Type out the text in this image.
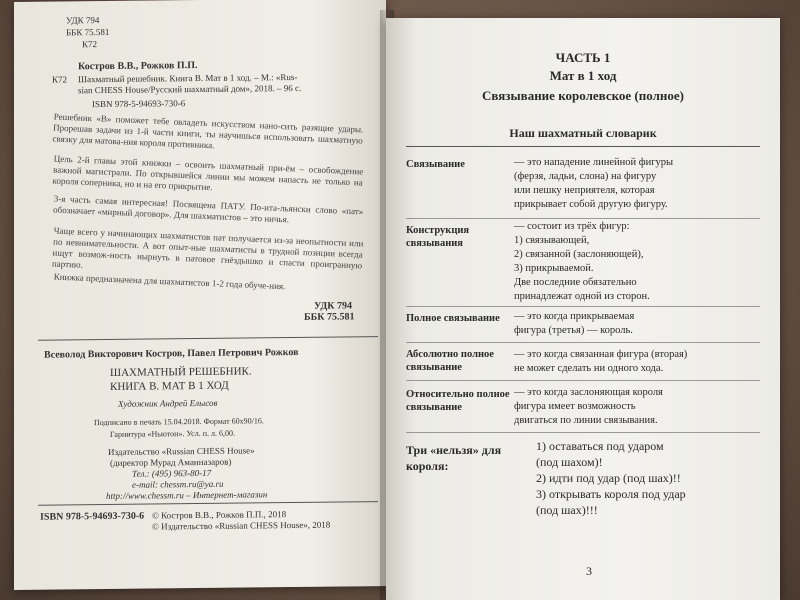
УДК 794
ББК 75.581
К72
Костров В.В., Рожков П.П.
К72 Шахматный решебник. Книга В. Мат в 1 ход. – М.: «Rus-
sian CHESS House/Русский шахматный дом», 2018. – 96 с.
ISBN 978-5-94693-730-6
Решебник «В» поможет тебе овладеть искусством нано-сить разящие удары. Прорешав задачи из 1-й части книги, ты научишься использовать шахматную связку для матова-ния короля противника.
Цель 2-й главы этой книжки – освоить шахматный при-ём – освобождение важной магистрали. По открывшейся линии мы можем напасть не только на короля соперника, но и на его прикрытие.
3-я часть самая интересная! Посвящена ПАТУ. По-ита-льянски слово «пат» обозначает «мирный договор». Для шахматистов – это ничья.
Чаще всего у начинающих шахматистов пат получается из-за неопытности или по невнимательности. А вот опыт-ные шахматисты в трудной позиции всегда ищут возмож-ность нырнуть в патовое гнёздышко и спасти проигранную партию.
Книжка предназначена для шахматистов 1-2 года обуче-ния.
УДК 794
ББК 75.581
Всеволод Викторович Костров, Павел Петрович Рожков
ШАХМАТНЫЙ РЕШЕБНИК.
КНИГА В. МАТ В 1 ХОД
Художник Андрей Елысов
Подписано в печать 15.04.2018. Формат 60х90/16.
Гарнитура «Ньютон». Усл. п. л. 6,00.
Издательство «Russian CHESS House»
(директор Мурад Аманназаров)
Тел.: (495) 963-80-17
e-mail: chessm.ru@ya.ru
http://www.chessm.ru – Интернет-магазин
ISBN 978-5-94693-730-6 © Костров В.В., Рожков П.П., 2018
© Издательство «Russian CHESS House», 2018
ЧАСТЬ 1
Мат в 1 ход
Связывание королевское (полное)
Наш шахматный словарик
Связывание	— это нападение линейной фигуры
(ферзя, ладьи, слона) на фигуру
или пешку неприятеля, которая
прикрывает собой другую фигуру.
Конструкция связывания
— состоит из трёх фигур:
1) связывающей,
2) связанной (заслоняющей),
3) прикрываемой.
Две последние обязательно
принадлежат одной из сторон.
Полное связывание	— это когда прикрываемая
фигура (третья) — король.
Абсолютно полное связывание
— это когда связанная фигура (вторая)
не может сделать ни одного хода.
Относительно полное связывание
— это когда заслоняющая короля
фигура имеет возможность
двигаться по линии связывания.
Три «нельзя» для короля:
1) оставаться под ударом
(под шахом)!
2) идти под удар (под шах)!!
3) открывать короля под удар
(под шах)!!!
3
